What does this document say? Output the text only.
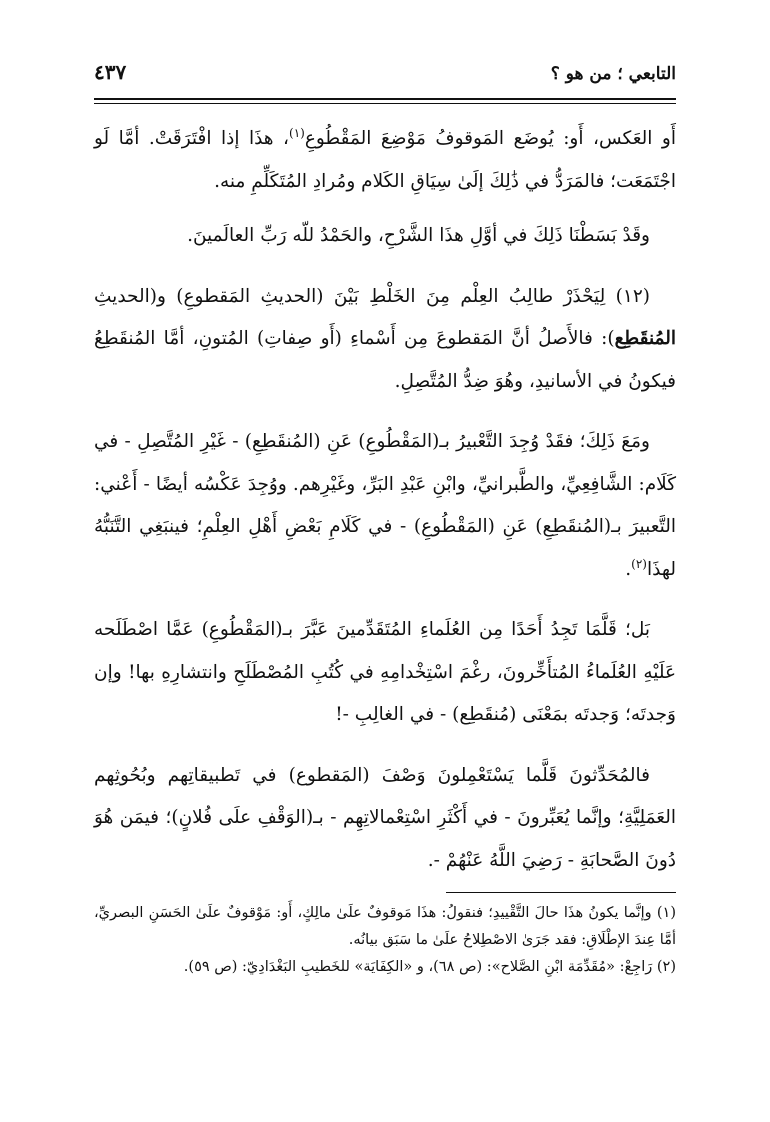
التابعي ؛ من هو ؟
٤٣٧

أَو العَكس، أَو: يُوضَع المَوقوفُ مَوْضِعَ المَقْطُوعِ$^{(١)}$، هذَا إذا افْتَرَقَتْ. أمَّا لَو اجْتَمَعَت؛ فالمَرَدُّ في ذَٰلِكَ إلَىٰ سِيَاقِ الكَلام ومُرادِ المُتَكَلِّمِ منه.

وقَدْ بَسَطْنَا ذَلِكَ في أوَّلِ هذَا الشَّرْحِ، والحَمْدُ للّه رَبِّ العالَمينَ.

(١٢) لِيَحْذَرْ طالِبُ العِلْم مِنَ الخَلْطِ بَيْنَ (الحديثِ المَقطوعِ) و(الحديثِ المُنقَطِع): فالأَصلُ أنَّ المَقطوعَ مِن أَسْماءِ (أَو صِفاتِ) المُتونِ، أمَّا المُنقَطِعُ فيكونُ في الأسانيدِ، وهُوَ ضِدُّ المُتَّصِلِ.

ومَعَ ذَلِكَ؛ فقَدْ وُجِدَ التَّعْبيرُ بـ(المَقْطُوعِ) عَنِ (المُنقَطِعِ) - غَيْرِ المُتَّصِلِ - في كَلَام: الشَّافِعِيِّ، والطَّبرانيِّ، وابْنِ عَبْدِ البَرِّ، وغَيْرِهم. ووُجِدَ عَكْسُه أيضًا - أَعْني: التَّعبيرَ بـ(المُنقَطِعِ) عَنِ (المَقْطُوعِ) - في كَلَامِ بَعْضِ أَهْلِ العِلْمِ؛ فينبَغِي التَّنَبُّهُ لهذَا$^{(٢)}$.

بَل؛ قَلَّمَا تَجِدُ أَحَدًا مِن العُلَماءِ المُتَقَدِّمينَ عَبَّرَ بـ(المَقْطُوعِ) عَمَّا اصْطَلَحه عَلَيْهِ العُلَماءُ المُتأَخِّرونَ، رغْمَ اسْتِخْدامِهِ في كُتُبِ المُصْطَلَحِ وانتشارِهِ بها! وإن وَجدتَه؛ وَجدتَه بمَعْنَى (مُنقَطِع) - في الغالِبِ -!

فالمُحَدِّثونَ قَلَّما يَسْتَعْمِلونَ وَصْفَ (المَقطوع) في تَطبيقاتِهم وبُحُوثِهم العَمَلِيَّةِ؛ وإنَّما يُعَبِّرونَ - في أَكْثَرِ اسْتِعْمالاتِهِم - بـ(الوَقْفِ علَى فُلانٍ)؛ فيمَن هُوَ دُونَ الصَّحابَةِ - رَضِيَ اللَّهُ عَنْهُمْ -.

(١) وإنَّما يكونُ هذَا حالَ التَّقْييدِ؛ فنقولُ: هذَا مَوقوفٌ علَىٰ مالِكٍ، أَو: مَوْقوفٌ علَىٰ الحَسَنِ البصريِّ، أمَّا عِندَ الإطْلَاقِ: فقد جَرَىٰ الاصْطِلاحُ علَىٰ ما سَبَق بيانُه.

(٢) رَاجِعْ: «مُقَدِّمَة ابْنِ الصَّلاح»: (ص ٦٨)، و «الكِفَايَة» للخَطيبِ البَغْدَادِيّ: (ص ٥٩).
